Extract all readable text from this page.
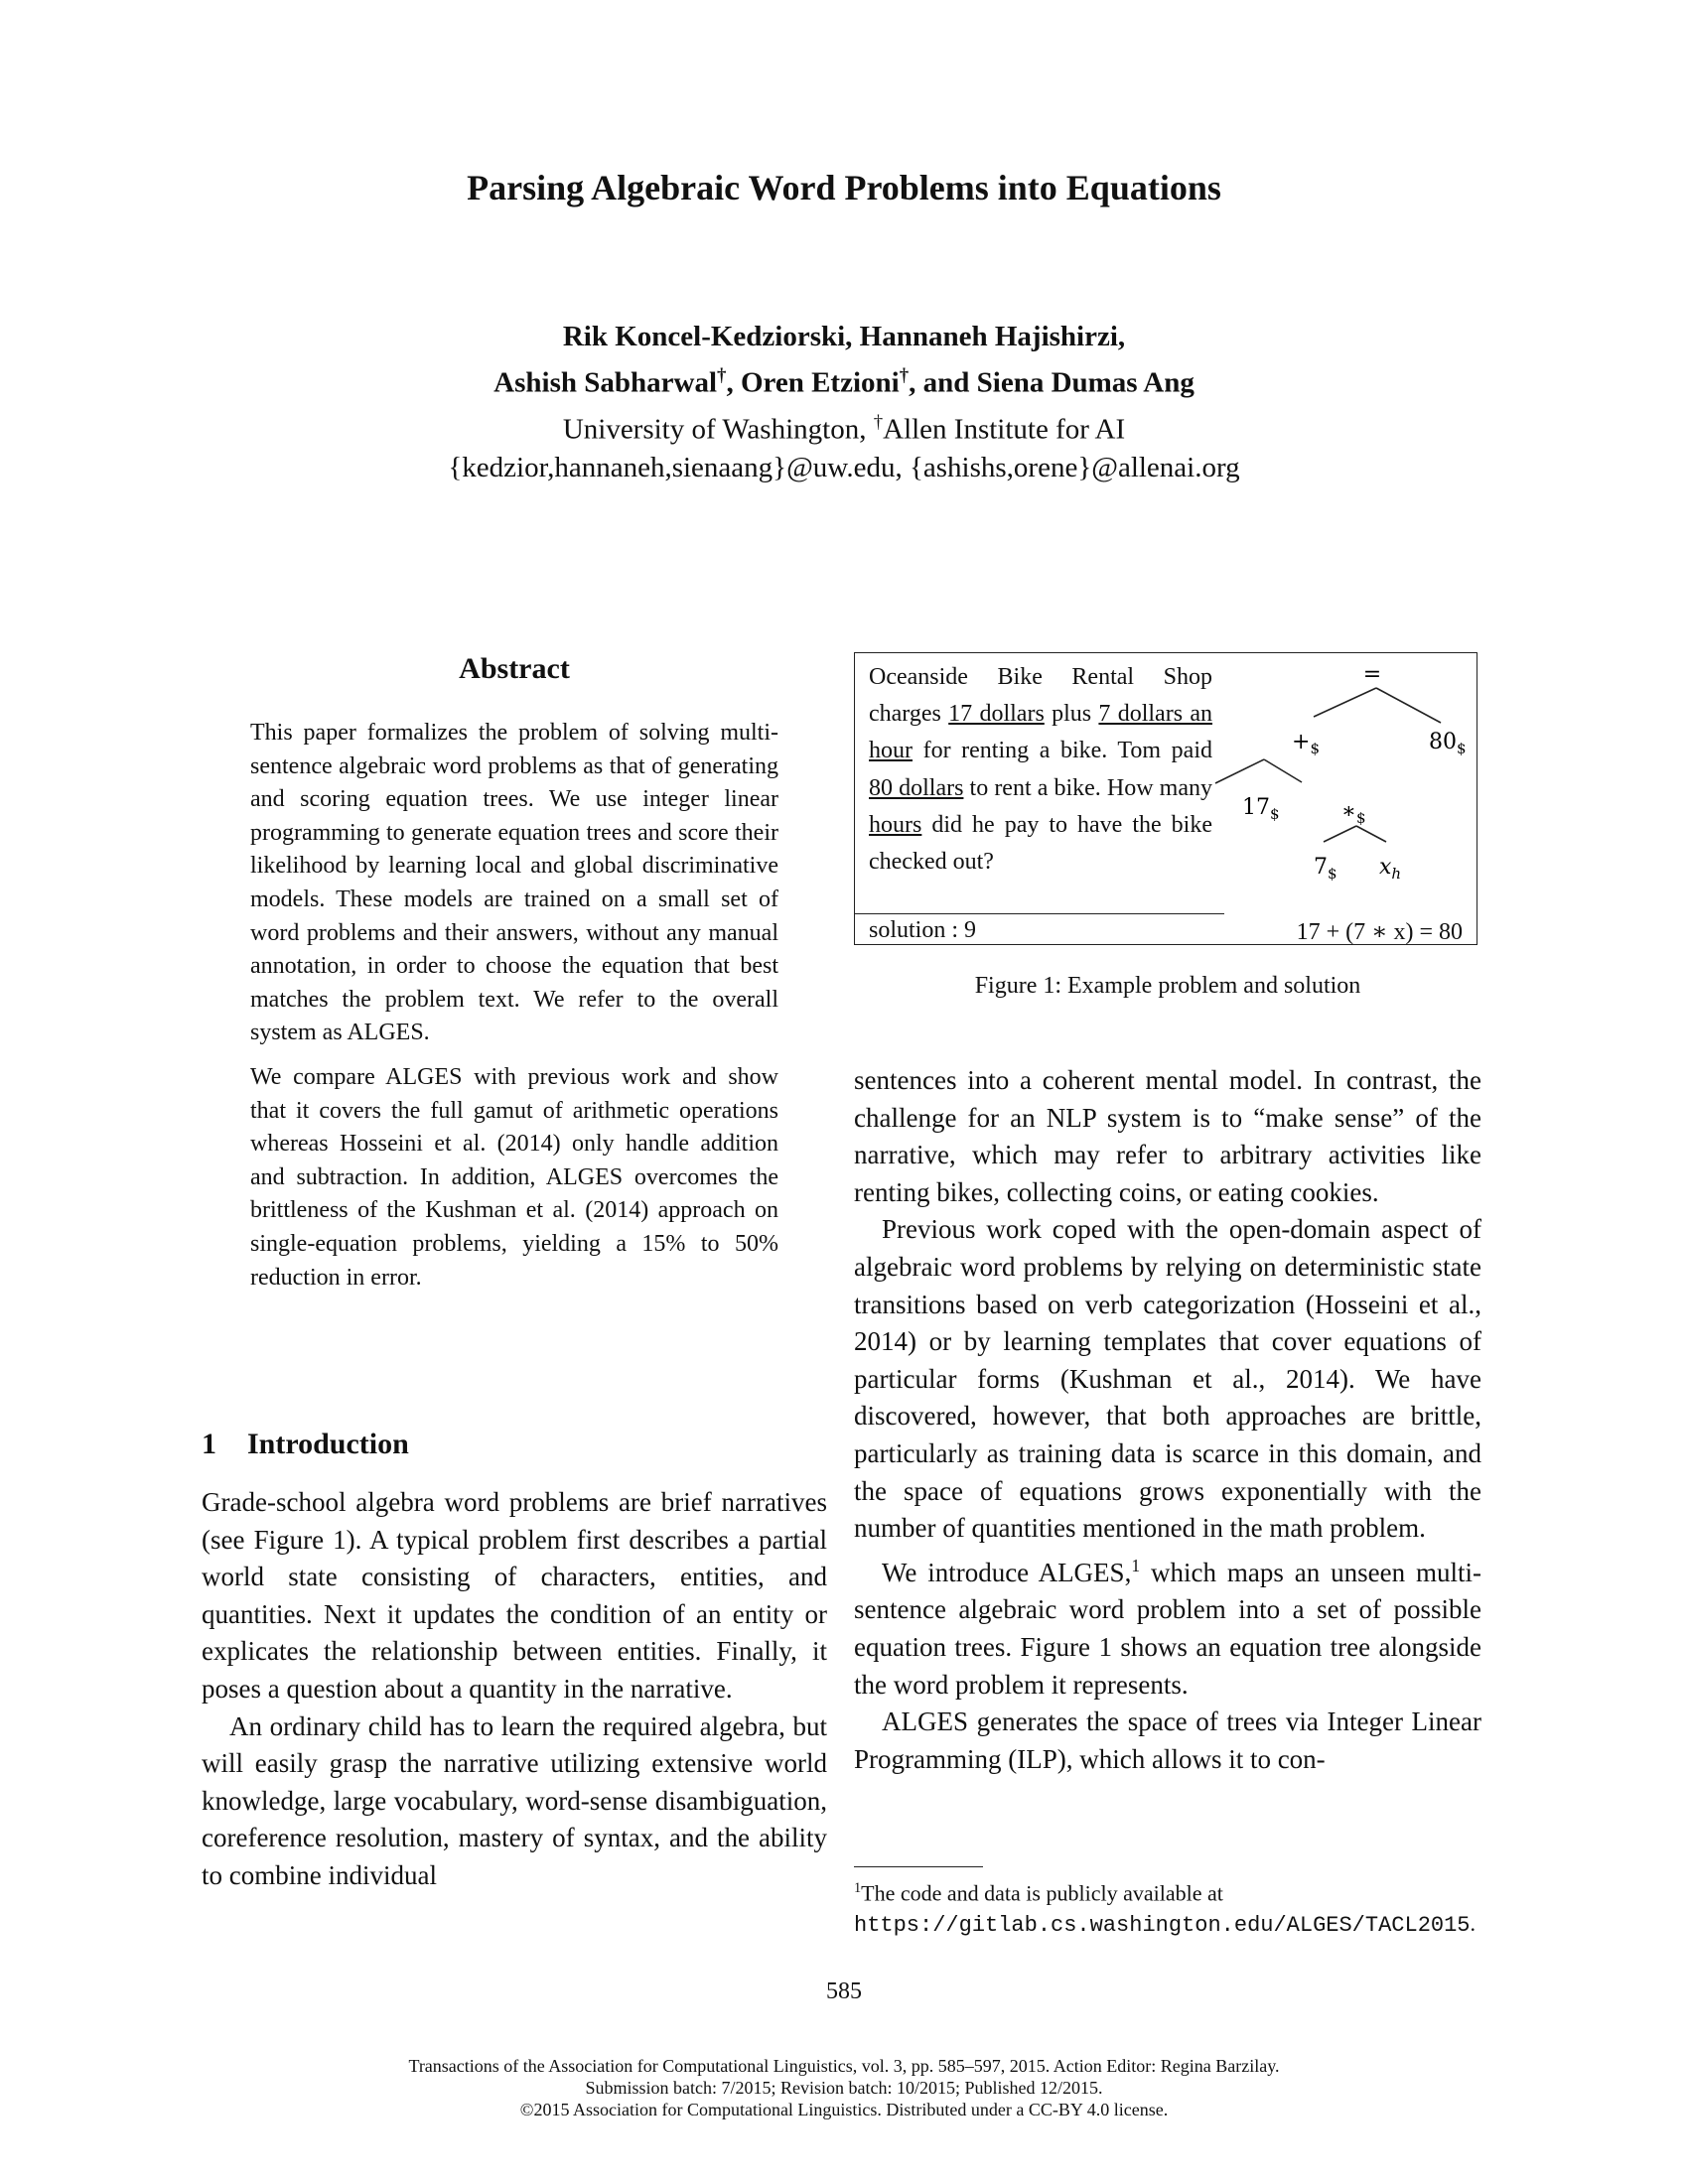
Parsing Algebraic Word Problems into Equations
Rik Koncel-Kedziorski, Hannaneh Hajishirzi,
Ashish Sabharwal†, Oren Etzioni†, and Siena Dumas Ang
University of Washington, †Allen Institute for AI
{kedzior,hannaneh,sienaang}@uw.edu, {ashishs,orene}@allenai.org
Abstract

This paper formalizes the problem of solving multi-sentence algebraic word problems as that of generating and scoring equation trees. We use integer linear programming to generate equation trees and score their likelihood by learning local and global discriminative models. These models are trained on a small set of word problems and their answers, without any manual annotation, in order to choose the equation that best matches the problem text. We refer to the overall system as ALGES.

We compare ALGES with previous work and show that it covers the full gamut of arithmetic operations whereas Hosseini et al. (2014) only handle addition and subtraction. In addition, ALGES overcomes the brittleness of the Kushman et al. (2014) approach on single-equation problems, yielding a 15% to 50% reduction in error.

1 Introduction

Grade-school algebra word problems are brief narratives (see Figure 1). A typical problem first describes a partial world state consisting of characters, entities, and quantities. Next it updates the condition of an entity or explicates the relationship between entities. Finally, it poses a question about a quantity in the narrative.

An ordinary child has to learn the required algebra, but will easily grasp the narrative utilizing extensive world knowledge, large vocabulary, word-sense disambiguation, coreference resolution, mastery of syntax, and the ability to combine individual

Oceanside Bike Rental Shop charges 17 dollars plus 7 dollars an hour for renting a bike. Tom paid 80 dollars to rent a bike. How many hours did he pay to have the bike checked out?
solution : 9	17 + (7 ∗ x) = 80
=
$+_{\$}$	$80_{\$}$
$17_{\$}$	$∗_{\$}$
$7_{\$}$ $x_h$
Figure 1: Example problem and solution

sentences into a coherent mental model. In contrast, the challenge for an NLP system is to “make sense” of the narrative, which may refer to arbitrary activities like renting bikes, collecting coins, or eating cookies.

Previous work coped with the open-domain aspect of algebraic word problems by relying on deterministic state transitions based on verb categorization (Hosseini et al., 2014) or by learning templates that cover equations of particular forms (Kushman et al., 2014). We have discovered, however, that both approaches are brittle, particularly as training data is scarce in this domain, and the space of equations grows exponentially with the number of quantities mentioned in the math problem.

We introduce ALGES,$^1$ which maps an unseen multi-sentence algebraic word problem into a set of possible equation trees. Figure 1 shows an equation tree alongside the word problem it represents.

ALGES generates the space of trees via Integer Linear Programming (ILP), which allows it to con-

$^1$The code and data is publicly available at https://gitlab.cs.washington.edu/ALGES/TACL2015.
585
Transactions of the Association for Computational Linguistics, vol. 3, pp. 585–597, 2015. Action Editor: Regina Barzilay.
Submission batch: 7/2015; Revision batch: 10/2015; Published 12/2015.
©2015 Association for Computational Linguistics. Distributed under a CC-BY 4.0 license.
